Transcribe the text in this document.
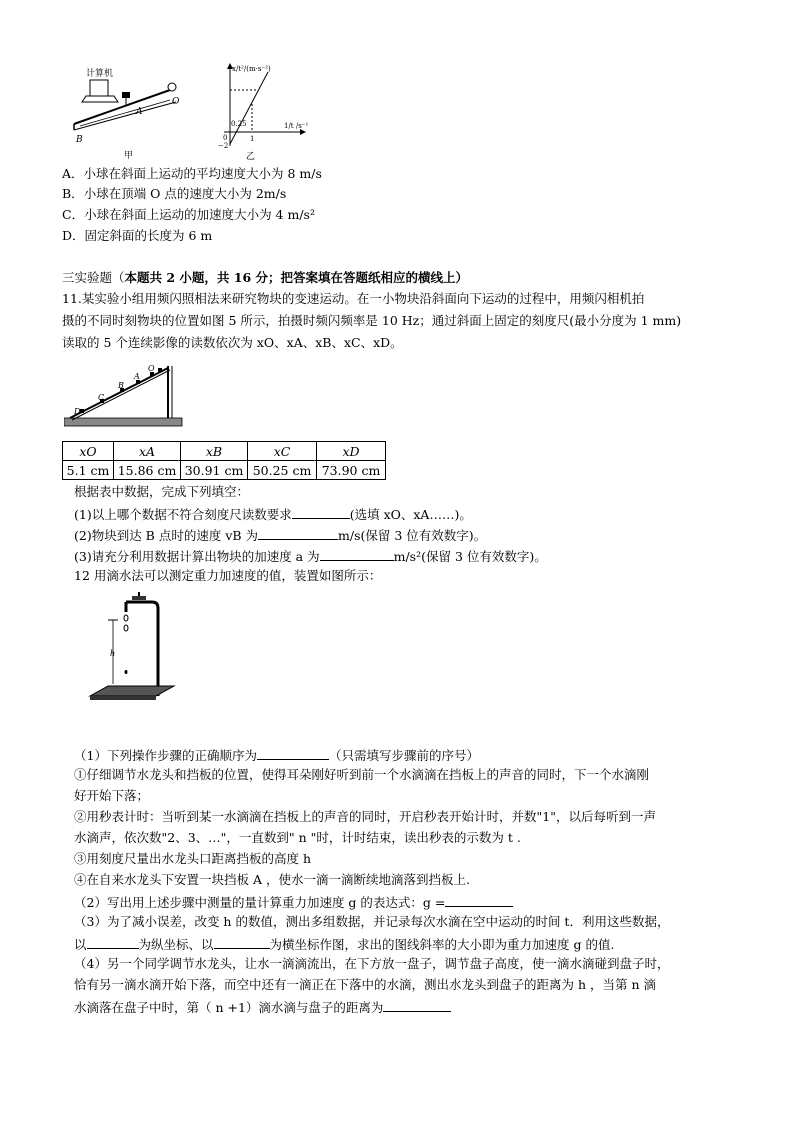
计算机
O
A
B
甲
x/t²/(m·s⁻²)
1/t /s⁻¹
0.25
1
0
−2
乙
A．小球在斜面上运动的平均速度大小为 8 m/s
B．小球在顶端 O 点的速度大小为 2m/s
C．小球在斜面上运动的加速度大小为 4 m/s²
D．固定斜面的长度为 6 m
三实验题（本题共 2 小题，共 16 分；把答案填在答题纸相应的横线上）
11.某实验小组用频闪照相法来研究物块的变速运动。在一小物块沿斜面向下运动的过程中，用频闪相机拍
摄的不同时刻物块的位置如图 5 所示，拍摄时频闪频率是 10 Hz；通过斜面上固定的刻度尺(最小分度为 1 mm)
读取的 5 个连续影像的读数依次为 xO、xA、xB、xC、xD。
D
C
B
A
O
xO	xA	xB	xC	xD
5.1 cm	15.86 cm	30.91 cm	50.25 cm	73.90 cm
根据表中数据，完成下列填空：
(1)以上哪个数据不符合刻度尺读数要求	(选填 xO、xA……)。
(2)物块到达 B 点时的速度 vB 为	m/s(保留 3 位有效数字)。
(3)请充分利用数据计算出物块的加速度 a 为	m/s²(保留 3 位有效数字)。
12 用滴水法可以测定重力加速度的值，装置如图所示：
h
（1）下列操作步骤的正确顺序为	（只需填写步骤前的序号）
①仔细调节水龙头和挡板的位置，使得耳朵刚好听到前一个水滴滴在挡板上的声音的同时，下一个水滴刚
好开始下落；
②用秒表计时：当听到某一水滴滴在挡板上的声音的同时，开启秒表开始计时，并数"1"，以后每听到一声
水滴声，依次数"2、3、…"，一直数到" n "时，计时结束，读出秒表的示数为 t .
③用刻度尺量出水龙头口距离挡板的高度 h
④在自来水龙头下安置一块挡板 A ，使水一滴一滴断续地滴落到挡板上.
（2）写出用上述步骤中测量的量计算重力加速度 g 的表达式：g =
（3）为了减小误差，改变 h 的数值，测出多组数据，并记录每次水滴在空中运动的时间 t．利用这些数据，
以	为纵坐标、以	为横坐标作图，求出的图线斜率的大小即为重力加速度 g 的值.
（4）另一个同学调节水龙头，让水一滴滴流出，在下方放一盘子，调节盘子高度，使一滴水滴碰到盘子时，
恰有另一滴水滴开始下落，而空中还有一滴正在下落中的水滴，测出水龙头到盘子的距离为 h ，当第 n 滴
水滴落在盘子中时，第（ n +1）滴水滴与盘子的距离为
